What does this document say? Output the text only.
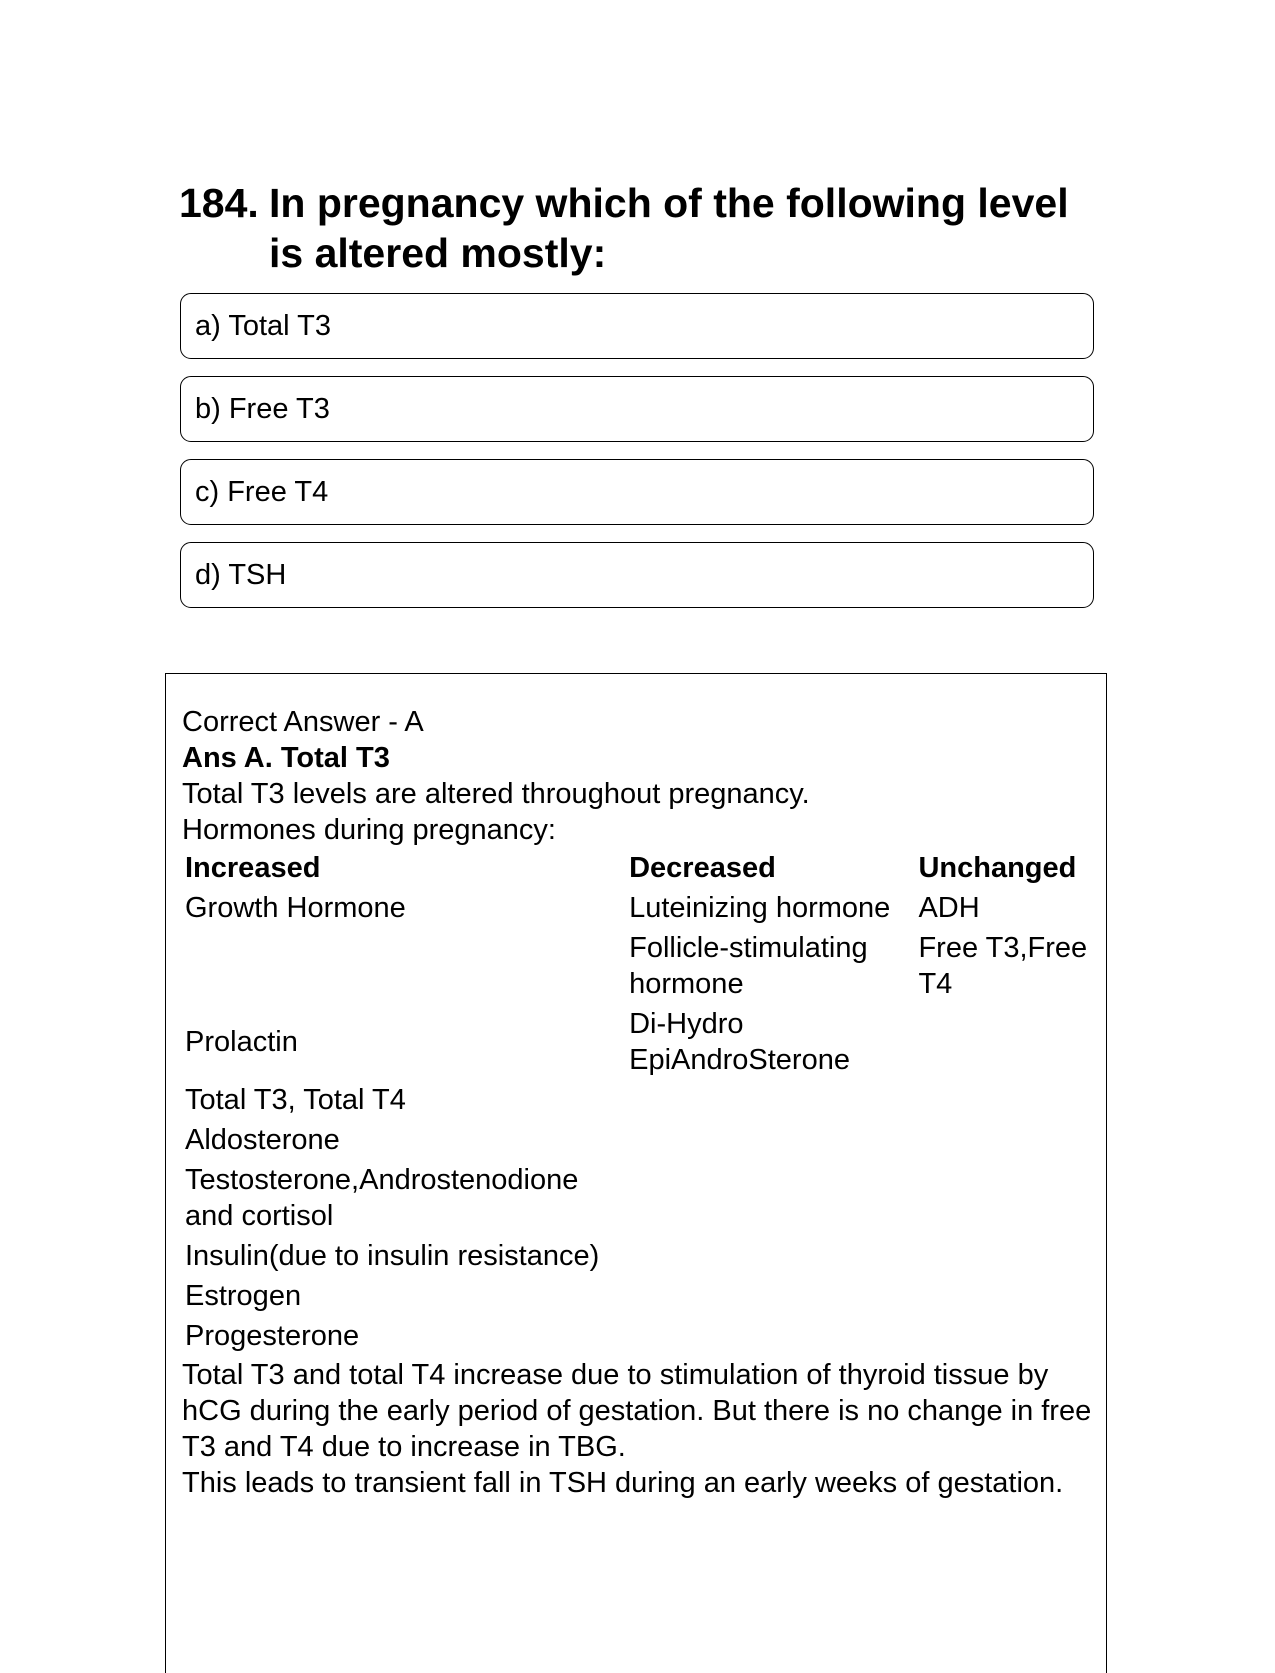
184. In pregnancy which of the following level is altered mostly:
a) Total T3
b) Free T3
c) Free T4
d) TSH
Correct Answer - A
Ans A. Total T3
Total T3 levels are altered throughout pregnancy.
Hormones during pregnancy:
Increased	Decreased	Unchanged
Growth Hormone	Luteinizing hormone	ADH
	Follicle-stimulating hormone	Free T3,Free T4
Prolactin	Di-Hydro EpiAndroSterone	
Total T3, Total T4		
Aldosterone		
Testosterone,Androstenodione and cortisol		
Insulin(due to insulin resistance)		
Estrogen		
Progesterone		
Total T3 and total T4 increase due to stimulation of thyroid tissue by hCG during the early period of gestation. But there is no change in free T3 and T4 due to increase in TBG.
This leads to transient fall in TSH during an early weeks of gestation.
